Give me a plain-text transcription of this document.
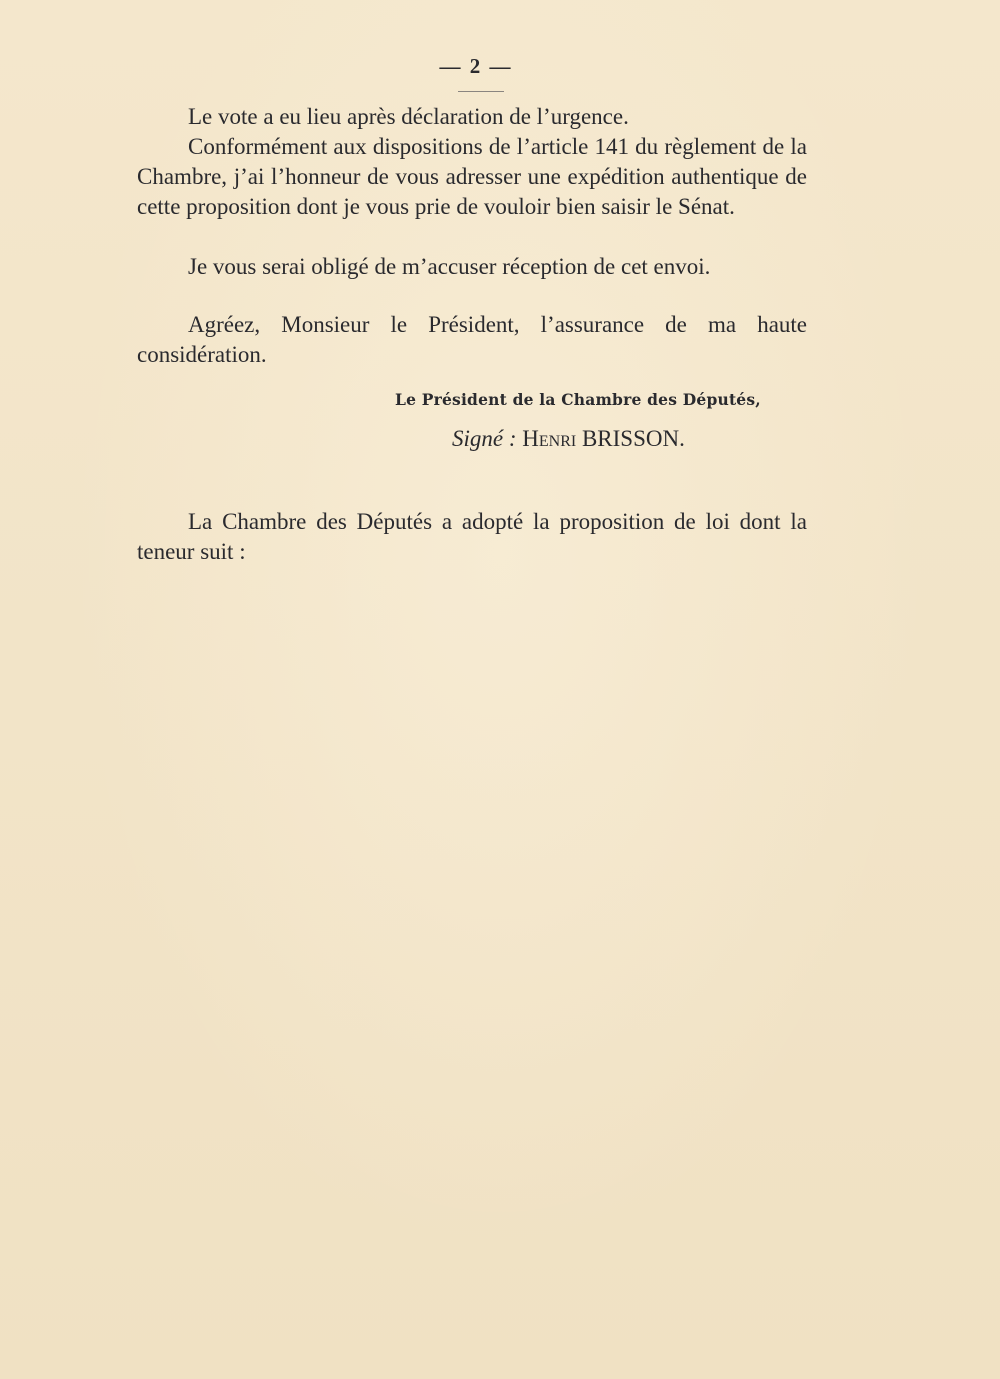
— 2 —

Le vote a eu lieu après déclaration de l’urgence.

Conformément aux dispositions de l’article 141 du règlement de la Chambre, j’ai l’honneur de vous adresser une expédition authentique de cette proposition dont je vous prie de vouloir bien saisir le Sénat.

Je vous serai obligé de m’accuser réception de cet envoi.

Agréez, Monsieur le Président, l’assurance de ma haute considération.

Le Président de la Chambre des Députés,
Signé : Henri BRISSON.

La Chambre des Députés a adopté la proposition de loi dont la teneur suit :
